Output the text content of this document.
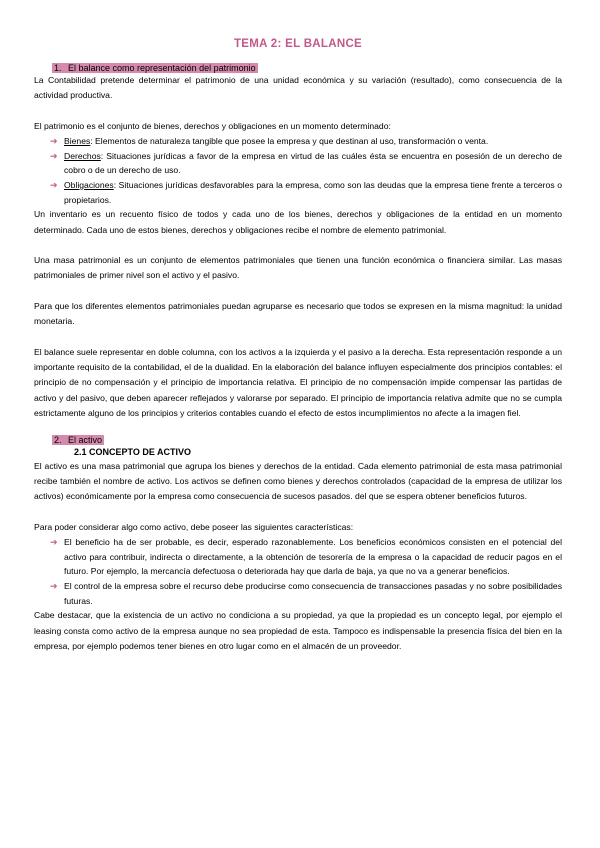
TEMA 2: EL BALANCE
1. El balance como representación del patrimonio

La Contabilidad pretende determinar el patrimonio de una unidad económica y su variación (resultado), como consecuencia de la actividad productiva.

El patrimonio es el conjunto de bienes, derechos y obligaciones en un momento determinado:

➔ Bienes: Elementos de naturaleza tangible que posee la empresa y que destinan al uso, transformación o venta.
➔ Derechos: Situaciones jurídicas a favor de la empresa en virtud de las cuáles ésta se encuentra en posesión de un derecho de cobro o de un derecho de uso.
➔ Obligaciones: Situaciones jurídicas desfavorables para la empresa, como son las deudas que la empresa tiene frente a terceros o propietarios.

Un inventario es un recuento físico de todos y cada uno de los bienes, derechos y obligaciones de la entidad en un momento determinado. Cada uno de estos bienes, derechos y obligaciones recibe el nombre de elemento patrimonial.

Una masa patrimonial es un conjunto de elementos patrimoniales que tienen una función económica o financiera similar. Las masas patrimoniales de primer nivel son el activo y el pasivo.

Para que los diferentes elementos patrimoniales puedan agruparse es necesario que todos se expresen en la misma magnitud: la unidad monetaria.

El balance suele representar en doble columna, con los activos a la izquierda y el pasivo a la derecha. Esta representación responde a un importante requisito de la contabilidad, el de la dualidad. En la elaboración del balance influyen especialmente dos principios contables: el principio de no compensación y el principio de importancia relativa. El principio de no compensación impide compensar las partidas de activo y del pasivo, que deben aparecer reflejados y valorarse por separado. El principio de importancia relativa admite que no se cumpla estrictamente alguno de los principios y criterios contables cuando el efecto de estos incumplimientos no afecte a la imagen fiel.

2. El activo
2.1 CONCEPTO DE ACTIVO

El activo es una masa patrimonial que agrupa los bienes y derechos de la entidad. Cada elemento patrimonial de esta masa patrimonial recibe también el nombre de activo. Los activos se definen como bienes y derechos controlados (capacidad de la empresa de utilizar los activos) económicamente por la empresa como consecuencia de sucesos pasados. del que se espera obtener beneficios futuros.

Para poder considerar algo como activo, debe poseer las siguientes características:

➔ El beneficio ha de ser probable, es decir, esperado razonablemente. Los beneficios económicos consisten en el potencial del activo para contribuir, indirecta o directamente, a la obtención de tesorería de la empresa o la capacidad de reducir pagos en el futuro. Por ejemplo, la mercancía defectuosa o deteriorada hay que darla de baja, ya que no va a generar beneficios.
➔ El control de la empresa sobre el recurso debe producirse como consecuencia de transacciones pasadas y no sobre posibilidades futuras.

Cabe destacar, que la existencia de un activo no condiciona a su propiedad, ya que la propiedad es un concepto legal, por ejemplo el leasing consta como activo de la empresa aunque no sea propiedad de esta. Tampoco es indispensable la presencia física del bien en la empresa, por ejemplo podemos tener bienes en otro lugar como en el almacén de un proveedor.
